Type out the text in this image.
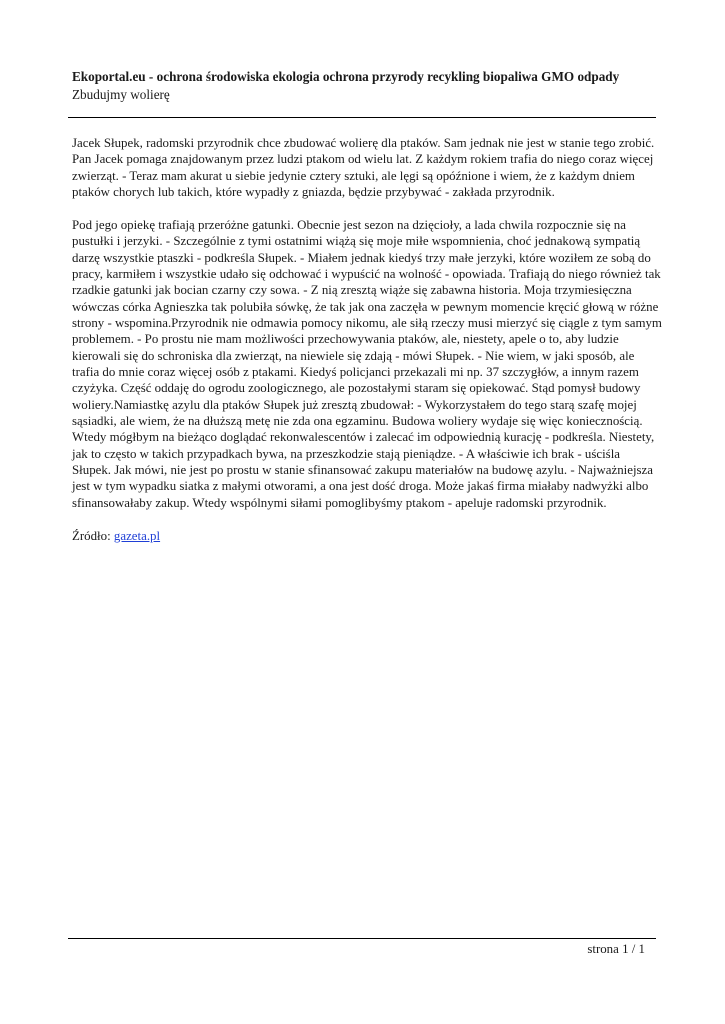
Ekoportal.eu - ochrona środowiska ekologia ochrona przyrody recykling biopaliwa GMO odpady

Zbudujmy wolierę

Jacek Słupek, radomski przyrodnik chce zbudować wolierę dla ptaków. Sam jednak nie jest w stanie tego zrobić. Pan Jacek pomaga znajdowanym przez ludzi ptakom od wielu lat. Z każdym rokiem trafia do niego coraz więcej zwierząt. - Teraz mam akurat u siebie jedynie cztery sztuki, ale lęgi są opóźnione i wiem, że z każdym dniem ptaków chorych lub takich, które wypadły z gniazda, będzie przybywać - zakłada przyrodnik.

Pod jego opiekę trafiają przeróżne gatunki. Obecnie jest sezon na dzięcioły, a lada chwila rozpocznie się na pustułki i jerzyki. - Szczególnie z tymi ostatnimi wiążą się moje miłe wspomnienia, choć jednakową sympatią darzę wszystkie ptaszki - podkreśla Słupek. - Miałem jednak kiedyś trzy małe jerzyki, które woziłem ze sobą do pracy, karmiłem i wszystkie udało się odchować i wypuścić na wolność - opowiada. Trafiają do niego również tak rzadkie gatunki jak bocian czarny czy sowa. - Z nią zresztą wiąże się zabawna historia. Moja trzymiesięczna wówczas córka Agnieszka tak polubiła sówkę, że tak jak ona zaczęła w pewnym momencie kręcić głową w różne strony - wspomina.Przyrodnik nie odmawia pomocy nikomu, ale siłą rzeczy musi mierzyć się ciągle z tym samym problemem. - Po prostu nie mam możliwości przechowywania ptaków, ale, niestety, apele o to, aby ludzie kierowali się do schroniska dla zwierząt, na niewiele się zdają - mówi Słupek. - Nie wiem, w jaki sposób, ale trafia do mnie coraz więcej osób z ptakami. Kiedyś policjanci przekazali mi np. 37 szczygłów, a innym razem czyżyka. Część oddaję do ogrodu zoologicznego, ale pozostałymi staram się opiekować. Stąd pomysł budowy woliery.Namiastkę azylu dla ptaków Słupek już zresztą zbudował: - Wykorzystałem do tego starą szafę mojej sąsiadki, ale wiem, że na dłuższą metę nie zda ona egzaminu. Budowa woliery wydaje się więc koniecznością. Wtedy mógłbym na bieżąco doglądać rekonwalescentów i zalecać im odpowiednią kurację - podkreśla. Niestety, jak to często w takich przypadkach bywa, na przeszkodzie stają pieniądze. - A właściwie ich brak - uściśla Słupek. Jak mówi, nie jest po prostu w stanie sfinansować zakupu materiałów na budowę azylu. - Najważniejsza jest w tym wypadku siatka z małymi otworami, a ona jest dość droga. Może jakaś firma miałaby nadwyżki albo sfinansowałaby zakup. Wtedy wspólnymi siłami pomoglibyśmy ptakom - apeluje radomski przyrodnik.

Źródło: gazeta.pl

strona 1 / 1
